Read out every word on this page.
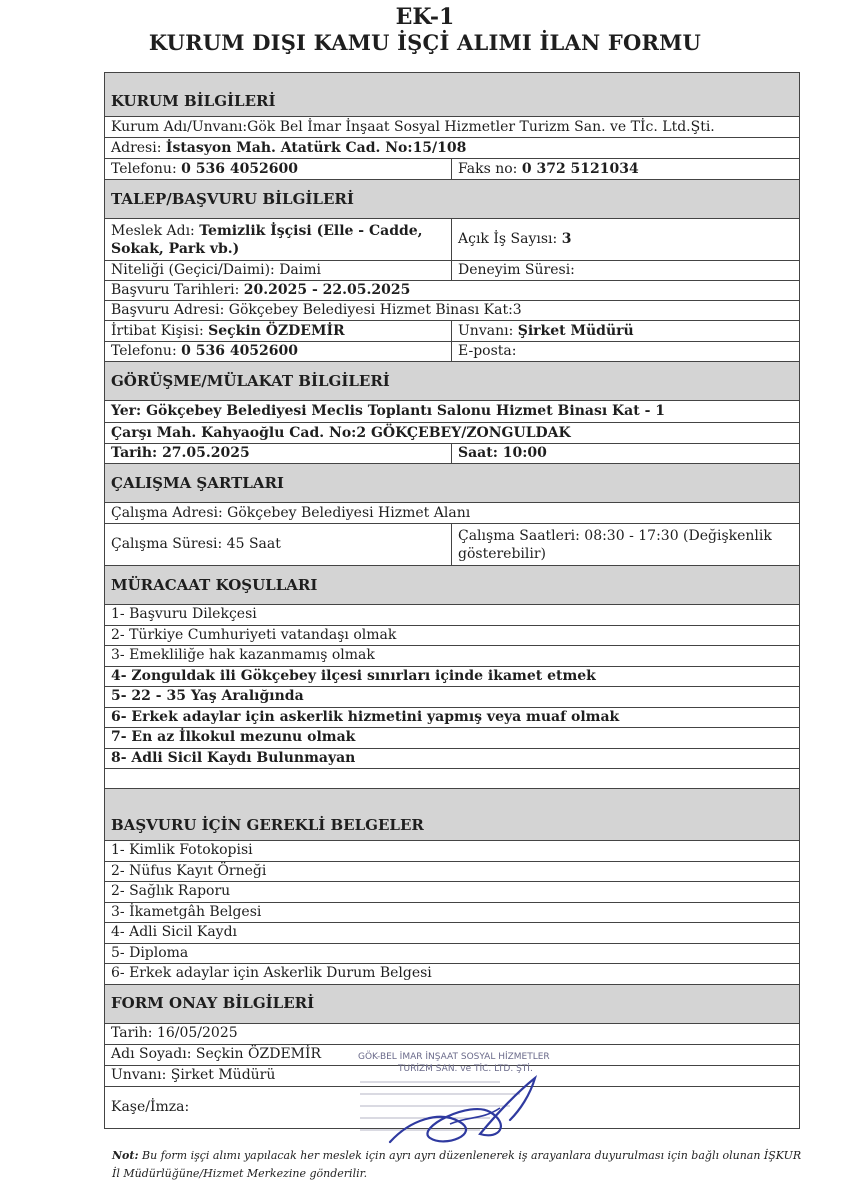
EK-1
KURUM DIŞI KAMU İŞÇİ ALIMI İLAN FORMU
KURUM BİLGİLERİ	
Kurum Adı/Unvanı:Gök Bel İmar İnşaat Sosyal Hizmetler Turizm San. ve Tİc. Ltd.Şti.	
Adresi: İstasyon Mah. Atatürk Cad. No:15/108	
Telefonu: 0 536 4052600	Faks no: 0 372 5121034
TALEP/BAŞVURU BİLGİLERİ	
Meslek Adı: Temizlik İşçisi (Elle - Cadde, Sokak, Park vb.)	Açık İş Sayısı: 3
Niteliği (Geçici/Daimi): Daimi	Deneyim Süresi:
Başvuru Tarihleri: 20.2025 - 22.05.2025	
Başvuru Adresi: Gökçebey Belediyesi Hizmet Binası Kat:3	
İrtibat Kişisi: Seçkin ÖZDEMİR	Unvanı: Şirket Müdürü
Telefonu: 0 536 4052600	E-posta:
GÖRÜŞME/MÜLAKAT BİLGİLERİ	
Yer: Gökçebey Belediyesi Meclis Toplantı Salonu Hizmet Binası Kat - 1	
Çarşı Mah. Kahyaoğlu Cad. No:2 GÖKÇEBEY/ZONGULDAK	
Tarih: 27.05.2025	Saat: 10:00
ÇALIŞMA ŞARTLARI	
Çalışma Adresi: Gökçebey Belediyesi Hizmet Alanı	
Çalışma Süresi: 45 Saat	Çalışma Saatleri: 08:30 - 17:30 (Değişkenlik gösterebilir)
MÜRACAAT KOŞULLARI	
1- Başvuru Dilekçesi	
2- Türkiye Cumhuriyeti vatandaşı olmak	
3- Emekliliğe hak kazanmamış olmak	
4- Zonguldak ili Gökçebey ilçesi sınırları içinde ikamet etmek	
5- 22 - 35 Yaş Aralığında	
6- Erkek adaylar için askerlik hizmetini yapmış veya muaf olmak	
7- En az İlkokul mezunu olmak	
8- Adli Sicil Kaydı Bulunmayan	

BAŞVURU İÇİN GEREKLİ BELGELER	
1- Kimlik Fotokopisi	
2- Nüfus Kayıt Örneği	
2- Sağlık Raporu	
3- İkametgâh Belgesi	
4- Adli Sicil Kaydı	
5- Diploma	
6- Erkek adaylar için Askerlik Durum Belgesi	
FORM ONAY BİLGİLERİ	
Tarih: 16/05/2025	
Adı Soyadı: Seçkin ÖZDEMİR	
Unvanı: Şirket Müdürü	
Kaşe/İmza:	
GÖK-BEL İMAR İNŞAAT SOSYAL HİZMETLER
TURİZM SAN. ve TİC. LTD. ŞTİ.
Not: Bu form işçi alımı yapılacak her meslek için ayrı ayrı düzenlenerek iş arayanlara duyurulması için bağlı olunan İŞKUR İl Müdürlüğüne/Hizmet Merkezine gönderilir.
